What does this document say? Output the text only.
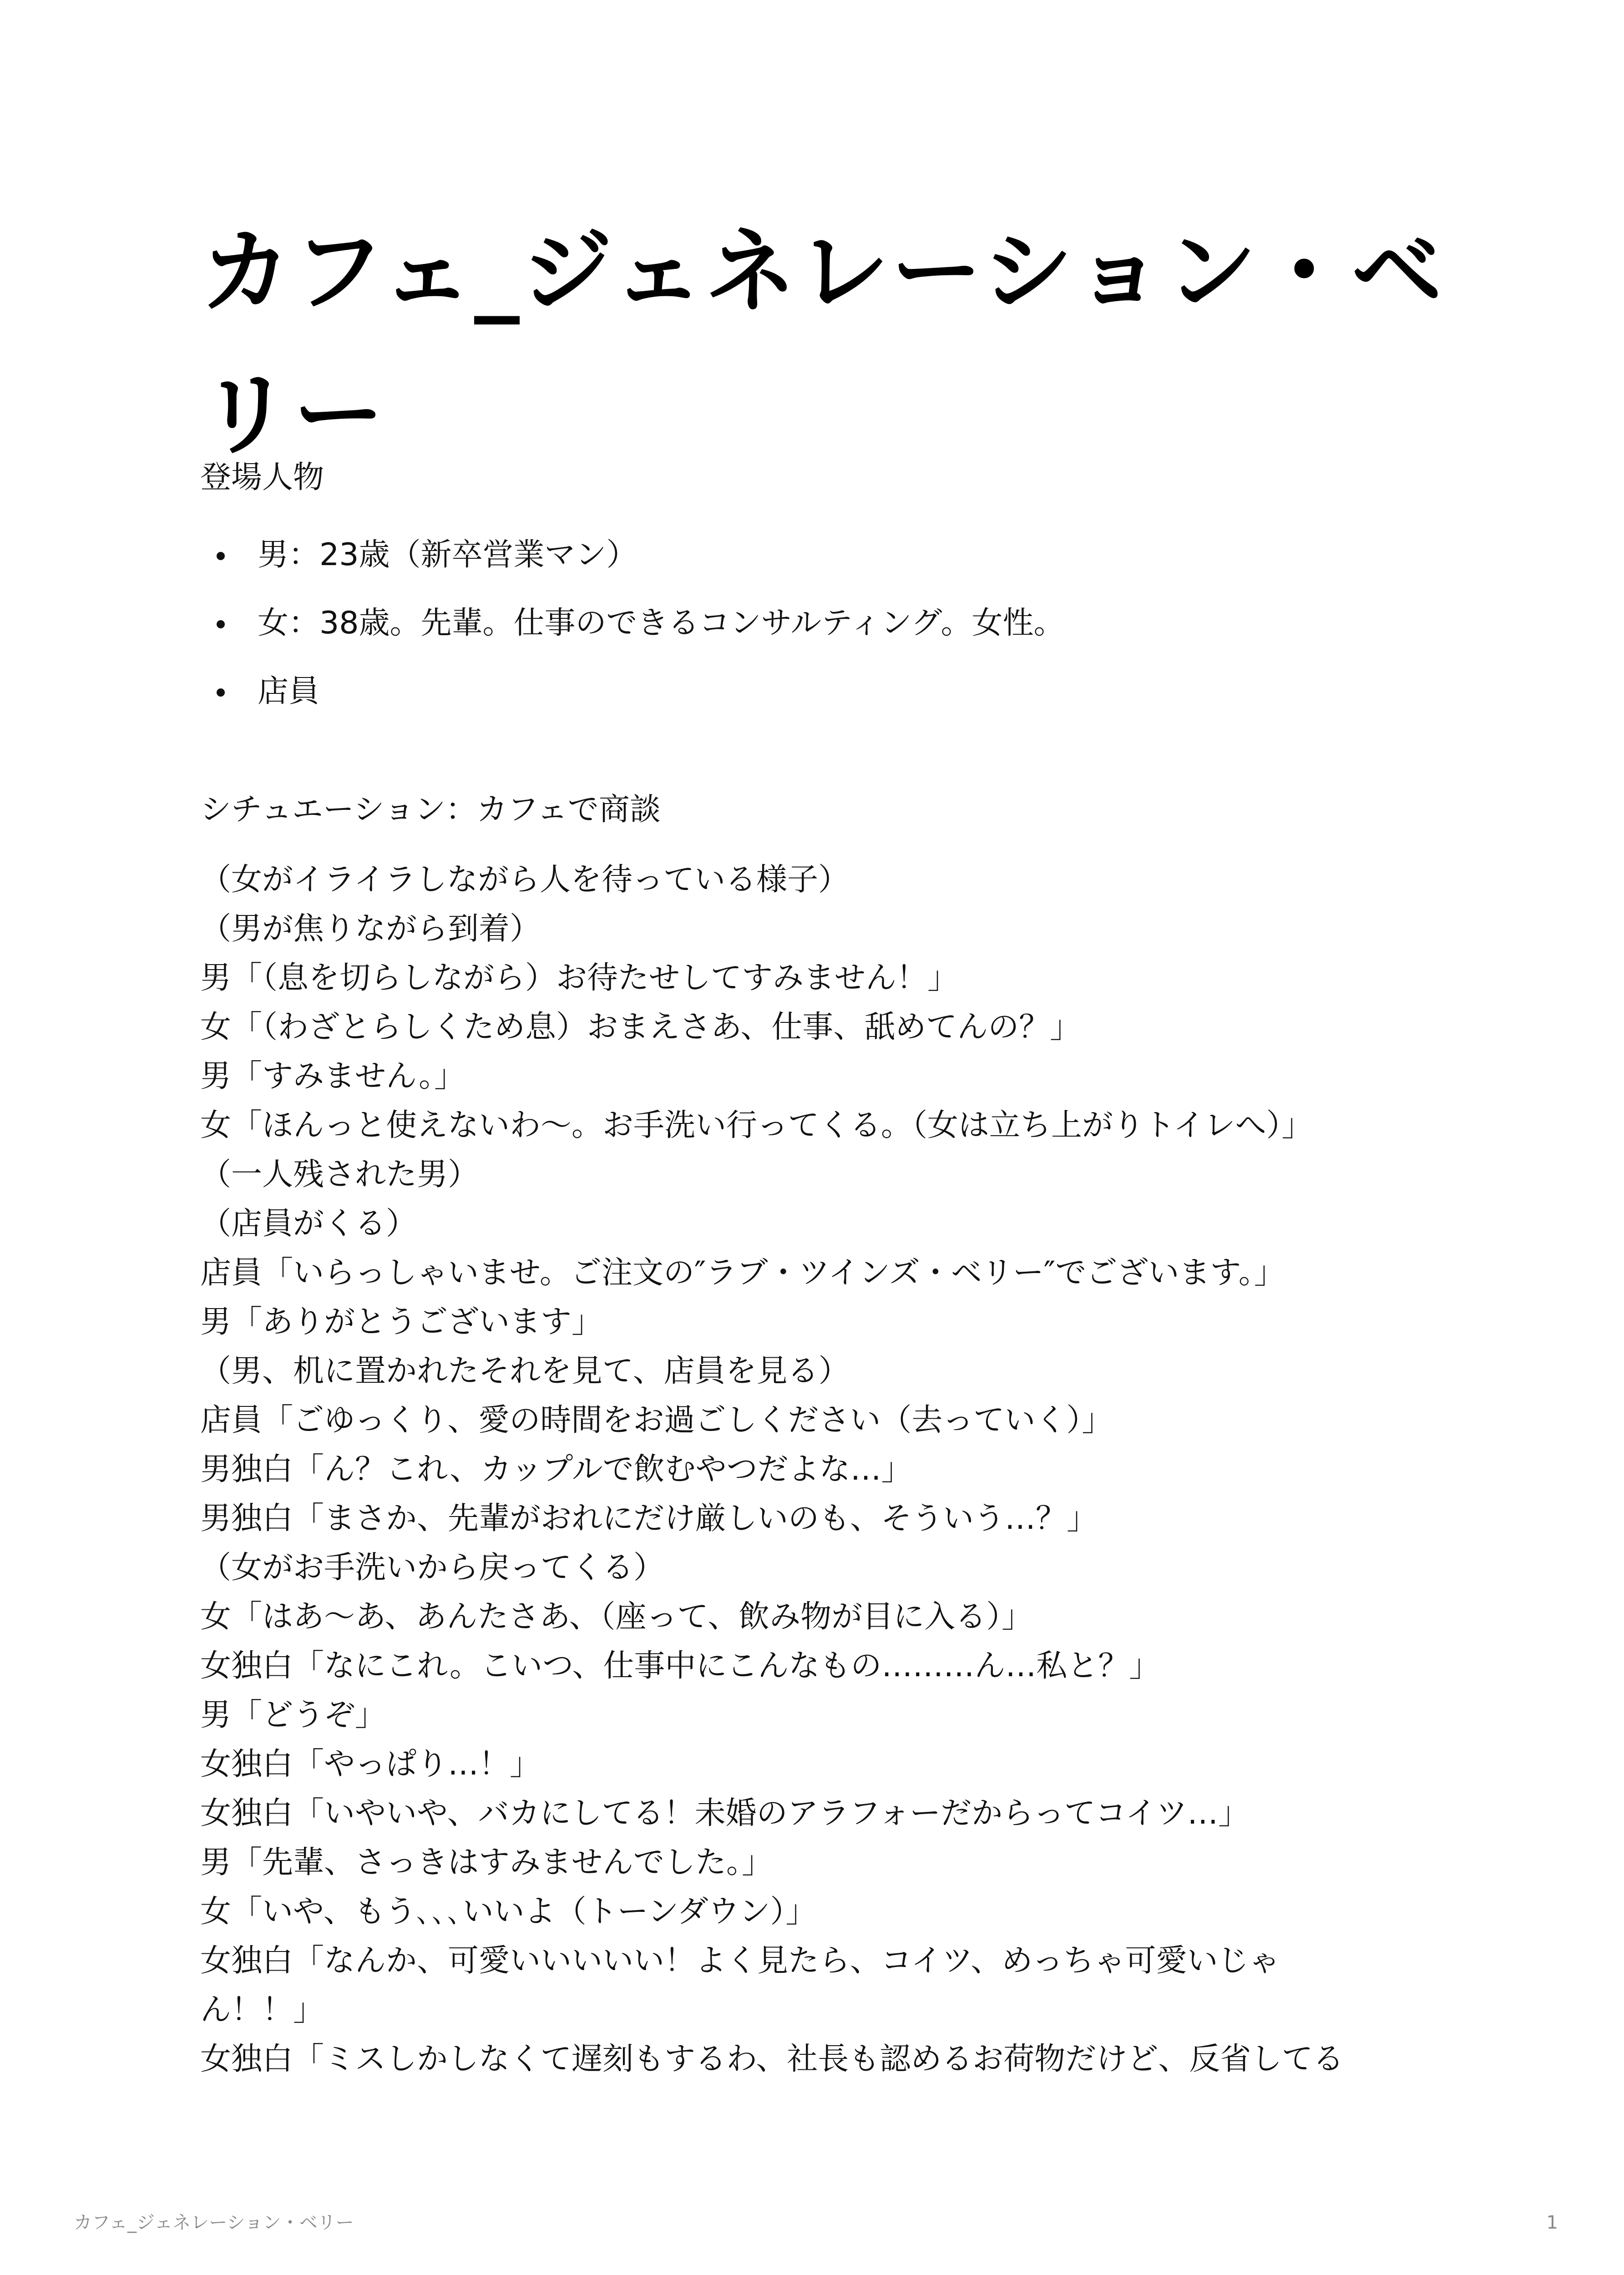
カフェ_ジェネレーション・ベリー

登場人物

男：23歳（新卒営業マン）
女：38歳。先輩。仕事のできるコンサルティング。女性。
店員

シチュエーション：カフェで商談

（女がイライラしながら人を待っている様子）
（男が焦りながら到着）
男「（息を切らしながら）お待たせしてすみません！」
女「（わざとらしくため息）おまえさあ、仕事、舐めてんの？」
男「すみません。」
女「ほんっと使えないわ〜。お手洗い行ってくる。（女は立ち上がりトイレへ）」
（一人残された男）
（店員がくる）
店員「いらっしゃいませ。ご注文の″ラブ・ツインズ・ベリー″でございます。」
男「ありがとうございます」
（男、机に置かれたそれを見て、店員を見る）
店員「ごゆっくり、愛の時間をお過ごしください（去っていく）」
男独白「ん？これ、カップルで飲むやつだよな…」
男独白「まさか、先輩がおれにだけ厳しいのも、そういう…？」
（女がお手洗いから戻ってくる）
女「はあ〜あ、あんたさあ、（座って、飲み物が目に入る）」
女独白「なにこれ。こいつ、仕事中にこんなもの………ん…私と？」
男「どうぞ」
女独白「やっぱり…！」
女独白「いやいや、バカにしてる！未婚のアラフォーだからってコイツ…」
男「先輩、さっきはすみませんでした。」
女「いや、もう､､､いいよ（トーンダウン）」
女独白「なんか、可愛いいいいい！よく見たら、コイツ、めっちゃ可愛いじゃ
ん！！」
女独白「ミスしかしなくて遅刻もするわ、社長も認めるお荷物だけど、反省してる
カフェ_ジェネレーション・ベリー	1
